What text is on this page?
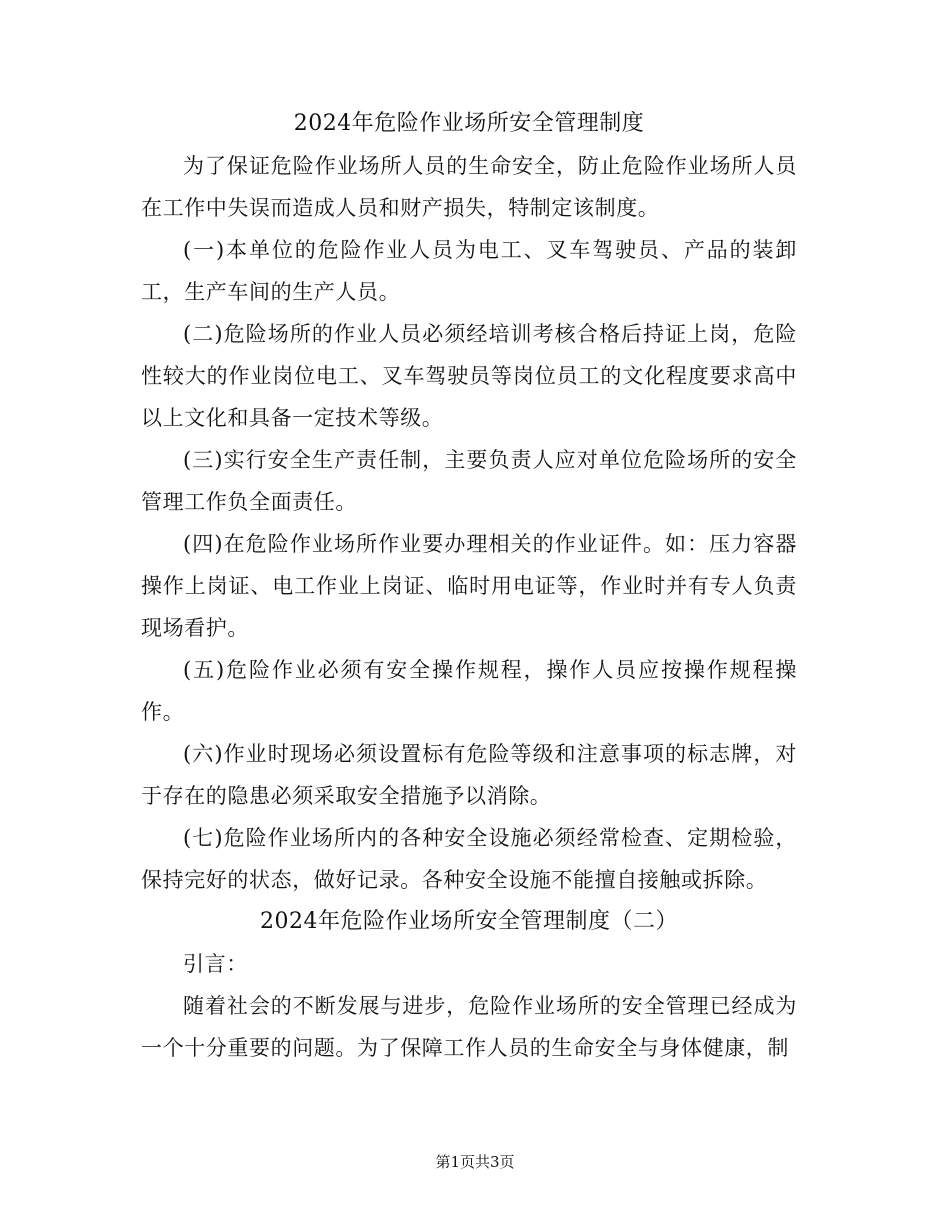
2024年危险作业场所安全管理制度

为了保证危险作业场所人员的生命安全，防止危险作业场所人员在工作中失误而造成人员和财产损失，特制定该制度。

(一)本单位的危险作业人员为电工、叉车驾驶员、产品的装卸工，生产车间的生产人员。

(二)危险场所的作业人员必须经培训考核合格后持证上岗，危险性较大的作业岗位电工、叉车驾驶员等岗位员工的文化程度要求高中以上文化和具备一定技术等级。

(三)实行安全生产责任制，主要负责人应对单位危险场所的安全管理工作负全面责任。

(四)在危险作业场所作业要办理相关的作业证件。如：压力容器操作上岗证、电工作业上岗证、临时用电证等，作业时并有专人负责现场看护。

(五)危险作业必须有安全操作规程，操作人员应按操作规程操作。

(六)作业时现场必须设置标有危险等级和注意事项的标志牌，对于存在的隐患必须采取安全措施予以消除。

(七)危险作业场所内的各种安全设施必须经常检查、定期检验，保持完好的状态，做好记录。各种安全设施不能擅自接触或拆除。

2024年危险作业场所安全管理制度（二）

引言：

随着社会的不断发展与进步，危险作业场所的安全管理已经成为一个十分重要的问题。为了保障工作人员的生命安全与身体健康，制

第1页共3页
